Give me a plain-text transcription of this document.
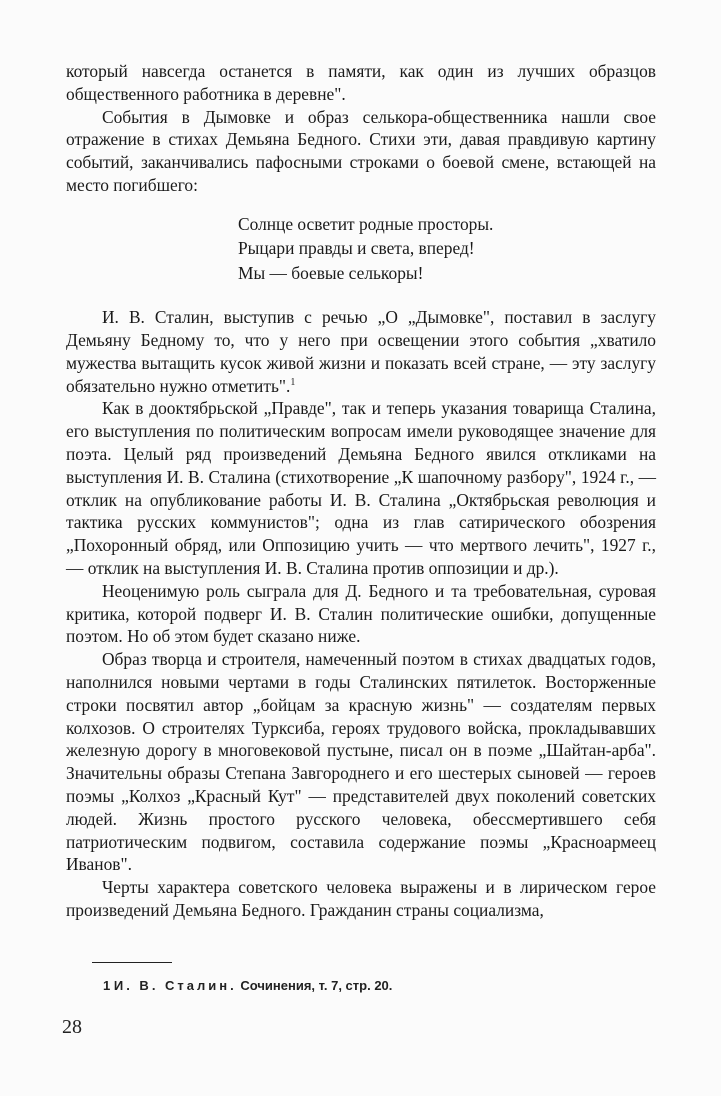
который навсегда останется в памяти, как один из лучших образцов общественного работника в деревне".

События в Дымовке и образ селькора-общественника нашли свое отражение в стихах Демьяна Бедного. Стихи эти, давая правдивую картину событий, заканчивались пафосными строками о боевой смене, встающей на место погибшего:

Солнце осветит родные просторы.
Рыцари правды и света, вперед!
Мы — боевые селькоры!

И. В. Сталин, выступив с речью „О „Дымовке", поставил в заслугу Демьяну Бедному то, что у него при освещении этого события „хватило мужества вытащить кусок живой жизни и показать всей стране, — эту заслугу обязательно нужно отметить".$^1$

Как в дооктябрьской „Правде", так и теперь указания товарища Сталина, его выступления по политическим вопросам имели руководящее значение для поэта. Целый ряд произведений Демьяна Бедного явился откликами на выступления И. В. Сталина (стихотворение „К шапочному разбору", 1924 г., — отклик на опубликование работы И. В. Сталина „Октябрьская революция и тактика русских коммунистов"; одна из глав сатирического обозрения „Похоронный обряд, или Оппозицию учить — что мертвого лечить", 1927 г., — отклик на выступления И. В. Сталина против оппозиции и др.).

Неоценимую роль сыграла для Д. Бедного и та требовательная, суровая критика, которой подверг И. В. Сталин политические ошибки, допущенные поэтом. Но об этом будет сказано ниже.

Образ творца и строителя, намеченный поэтом в стихах двадцатых годов, наполнился новыми чертами в годы Сталинских пятилеток. Восторженные строки посвятил автор „бойцам за красную жизнь" — создателям первых колхозов. О строителях Турксиба, героях трудового войска, прокладывавших железную дорогу в многовековой пустыне, писал он в поэме „Шайтан-арба". Значительны образы Степана Завгороднего и его шестерых сыновей — героев поэмы „Колхоз „Красный Кут" — представителей двух поколений советских людей. Жизнь простого русского человека, обессмертившего себя патриотическим подвигом, составила содержание поэмы „Красноармеец Иванов".

Черты характера советского человека выражены и в лирическом герое произведений Демьяна Бедного. Гражданин страны социализма,

1 И. В. Сталин. Сочинения, т. 7, стр. 20.
28
